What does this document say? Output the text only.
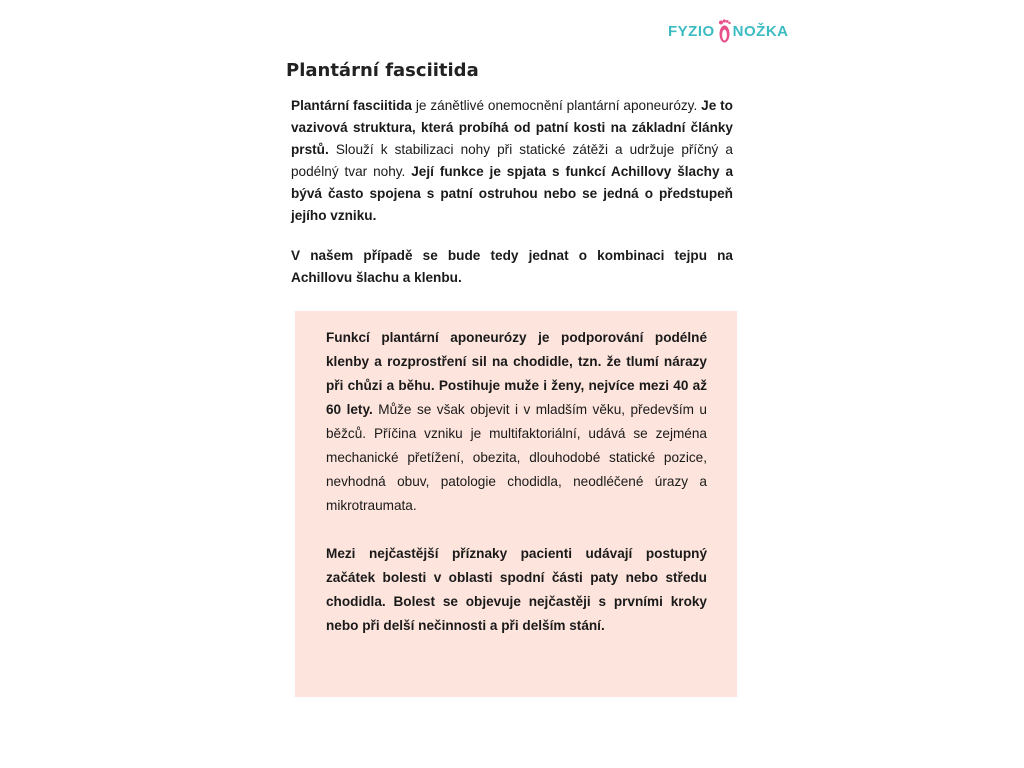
FYZIO NOŽKA
Plantární fasciitida

Plantární fasciitida je zánětlivé onemocnění plantární aponeurózy. Je to vazivová struktura, která probíhá od patní kosti na základní články prstů. Slouží k stabilizaci nohy při statické zátěži a udržuje příčný a podélný tvar nohy. Její funkce je spjata s funkcí Achillovy šlachy a bývá často spojena s patní ostruhou nebo se jedná o předstupeň jejího vzniku.

V našem případě se bude tedy jednat o kombinaci tejpu na Achillovu šlachu a klenbu.

Funkcí plantární aponeurózy je podporování podélné klenby a rozprostření sil na chodidle, tzn. že tlumí nárazy při chůzi a běhu. Postihuje muže i ženy, nejvíce mezi 40 až 60 lety. Může se však objevit i v mladším věku, především u běžců. Příčina vzniku je multifaktoriální, udává se zejména mechanické přetížení, obezita, dlouhodobé statické pozice, nevhodná obuv, patologie chodidla, neodléčené úrazy a mikrotraumata.

Mezi nejčastější příznaky pacienti udávají postupný začátek bolesti v oblasti spodní části paty nebo středu chodidla. Bolest se objevuje nejčastěji s prvními kroky nebo při delší nečinnosti a při delším stání.
